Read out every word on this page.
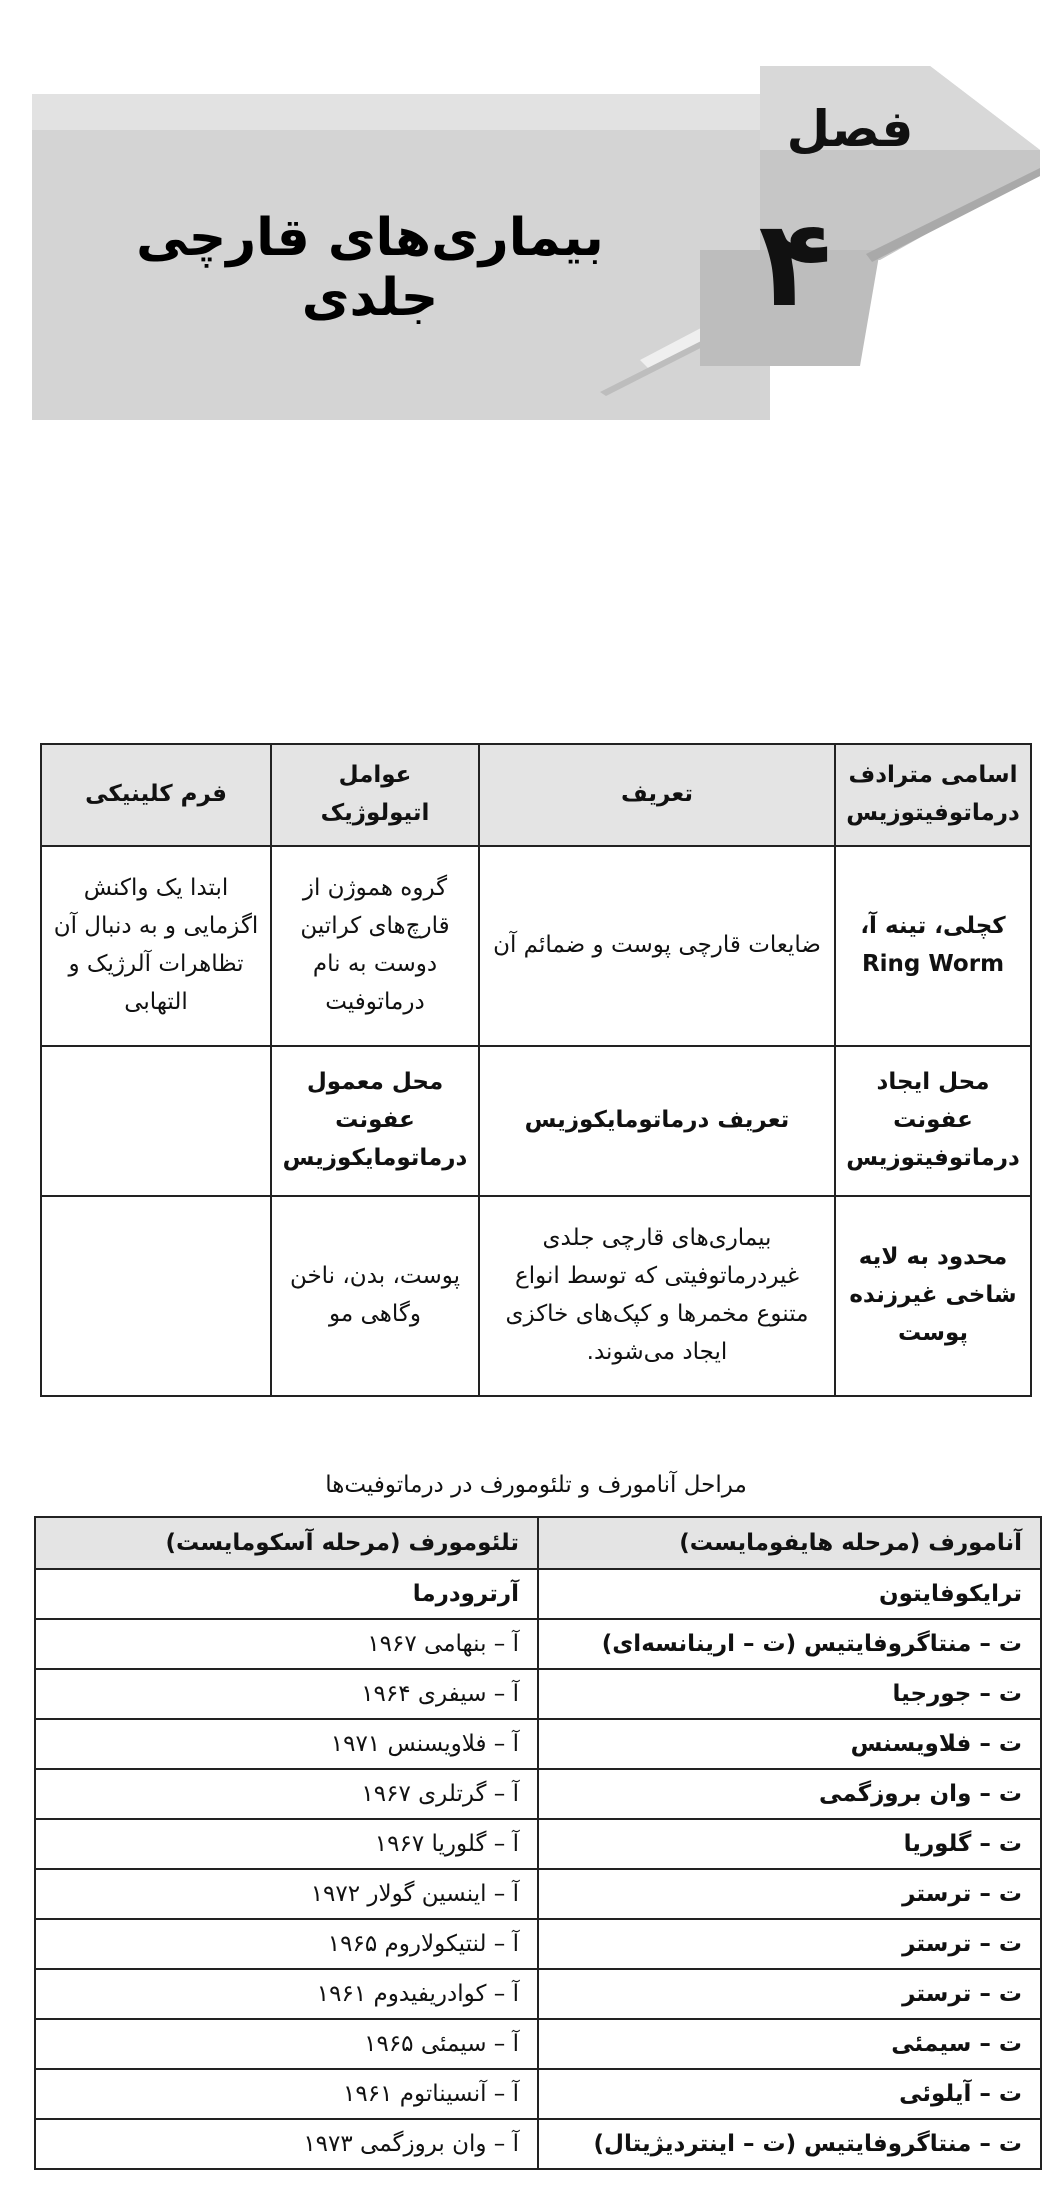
فصل
۴
بیماری‌های قارچی جلدی
اسامی مترادف درماتوفیتوزیس	تعریف	عوامل اتیولوژیک	فرم کلینیکی

کچلی، تینه آ،
Ring Worm	ضایعات قارچی پوست و ضمائم آن	گروه هموژن از قارچ‌های کراتین دوست به نام درماتوفیت	ابتدا یک واکنش اگزمایی و به دنبال آن تظاهرات آلرژیک و التهابی
محل ایجاد عفونت درماتوفیتوزیس	تعریف درماتومایکوزیس	محل معمول عفونت درماتومایکوزیس	
محدود به لایه شاخی غیرزنده پوست	بیماری‌های قارچی جلدی غیردرماتوفیتی که توسط انواع متنوع مخمرها و کپک‌های خاکزی ایجاد می‌شوند.	پوست، بدن، ناخن وگاهی مو	
مراحل آنامورف و تلئومورف در درماتوفیت‌ها
آنامورف (مرحله هایفومایست)	تلئومورف (مرحله آسکومایست)
ترایکوفایتون	آرترودرما
ت – منتاگروفایتیس (ت – ارینانسه‌ای)	آ – بنهامی ۱۹۶۷
ت – جورجیا	آ – سیفری ۱۹۶۴
ت – فلاویسنس	آ – فلاویسنس ۱۹۷۱
ت – وان بروزگمی	آ – گرتلری ۱۹۶۷
ت – گلوریا	آ – گلوریا ۱۹۶۷
ت – ترستر	آ – اینسین گولار ۱۹۷۲
ت – ترستر	آ – لنتیکولاروم ۱۹۶۵
ت – ترستر	آ – کوادریفیدوم ۱۹۶۱
ت – سیمئی	آ – سیمئی ۱۹۶۵
ت – آیلوئی	آ – آنسیناتوم ۱۹۶۱
ت – منتاگروفایتیس (ت – اینتردیژیتال)	آ – وان بروزگمی ۱۹۷۳
